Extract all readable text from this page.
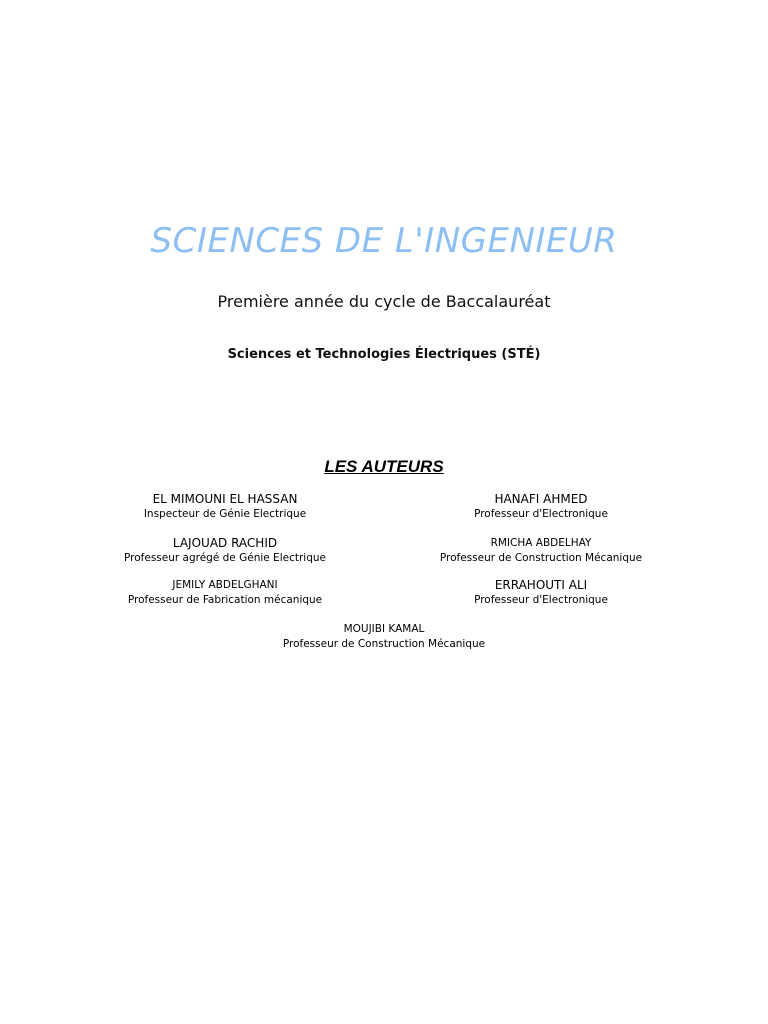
SCIENCES DE L'INGENIEUR
Première année du cycle de Baccalauréat
Sciences et Technologies Électriques (STÉ)
LES AUTEURS
EL MIMOUNI EL HASSAN
Inspecteur de Génie Electrique
HANAFI AHMED
Professeur d'Electronique
LAJOUAD RACHID
Professeur agrégé de Génie Electrique
RMICHA ABDELHAY
Professeur de Construction Mécanique
JEMILY ABDELGHANI
Professeur de Fabrication mécanique
ERRAHOUTI ALI
Professeur d'Electronique
MOUJIBI KAMAL
Professeur de Construction Mécanique
